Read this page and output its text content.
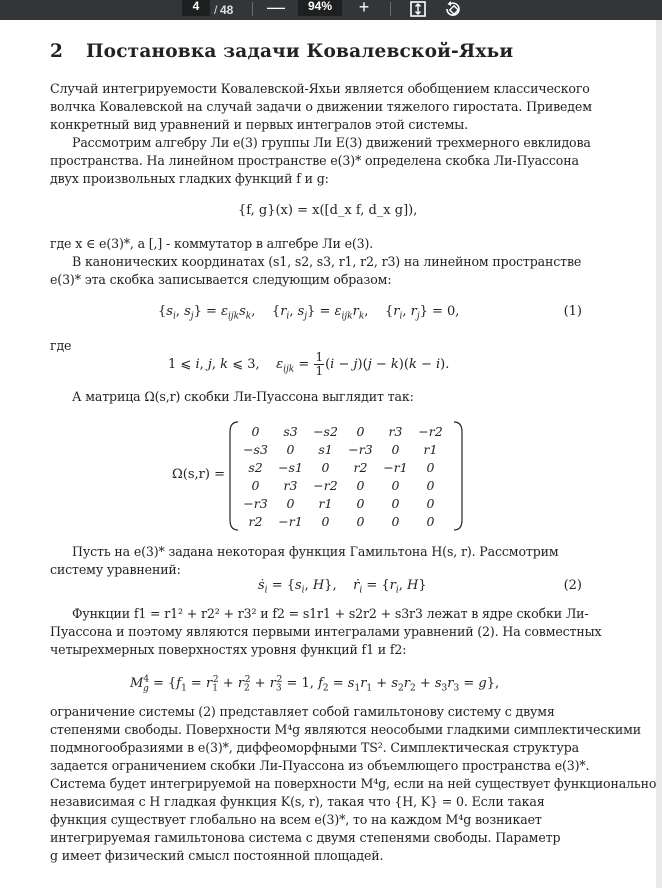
4	/ 48 —	94%	+
2 Постановка задачи Ковалевской-Яхьи
Случай интегрируемости Ковалевской-Яхьи является обобщением классического
волчка Ковалевской на случай задачи о движении тяжелого гиростата. Приведем
конкретный вид уравнений и первых интегралов этой системы.
Рассмотрим алгебру Ли e(3) группы Ли E(3) движений трехмерного евклидова
пространства. На линейном пространстве e(3)* определена скобка Ли-Пуассона
двух произвольных гладких функций f и g:
{f, g}(x) = x([d_x f, d_x g]),
где x ∈ e(3)*, а [,] - коммутатор в алгебре Ли e(3).
В канонических координатах (s1, s2, s3, r1, r2, r3) на линейном пространстве
e(3)* эта скобка записывается следующим образом:
{$s_i$, $s_j\} = \varepsilon_{ijk}s_k$,    {$r_i$, $s_j\} = \varepsilon_{ijk}r_k$,    {$r_i$, $r_j\} = 0$,	(1)
где
1 ⩽ i, j, k ⩽ 3,    $\varepsilon_{ijk} = \frac{1}{1} (i - j)(j - k)(k - i)$.
А матрица Ω(s,r) скобки Ли-Пуассона выглядит так:
Ω(s,r) =
0	s3	−s2	0	r3	−r2
−s3	0	s1	−r3	0	r1
s2	−s1	0	r2	−r1	0
0	r3	−r2	0	0	0
−r3	0	r1	0	0	0
r2	−r1	0	0	0	0
Пусть на e(3)* задана некоторая функция Гамильтона H(s, r). Рассмотрим
систему уравнений:
ṡ$_i$ = {$s_i$, H},    ṙ$_i$ = {$r_i$, H}	(2)
Функции f1 = r1² + r2² + r3² и f2 = s1r1 + s2r2 + s3r3 лежат в ядре скобки Ли-
Пуассона и поэтому являются первыми интегралами уравнений (2). На совместных
четырехмерных поверхностях уровня функций f1 и f2:
$M^4_g = \{f_1 = r_1^2 + r_2^2 + r_3^2 = 1$, $f_2 = s_1r_1 + s_2r_2 + s_3r_3 = g$},
ограничение системы (2) представляет собой гамильтонову систему с двумя
степенями свободы. Поверхности M⁴g являются неособыми гладкими симплектическими
подмногообразиями в e(3)*, диффеоморфными TS². Симплектическая структура
задается ограничением скобки Ли-Пуассона из объемлющего пространства e(3)*.
Система будет интегрируемой на поверхности M⁴g, если на ней существует функционально
независимая с H гладкая функция K(s, r), такая что {H, K} = 0. Если такая
функция существует глобально на всем e(3)*, то на каждом M⁴g возникает
интегрируемая гамильтонова система с двумя степенями свободы. Параметр
g имеет физический смысл постоянной площадей.
